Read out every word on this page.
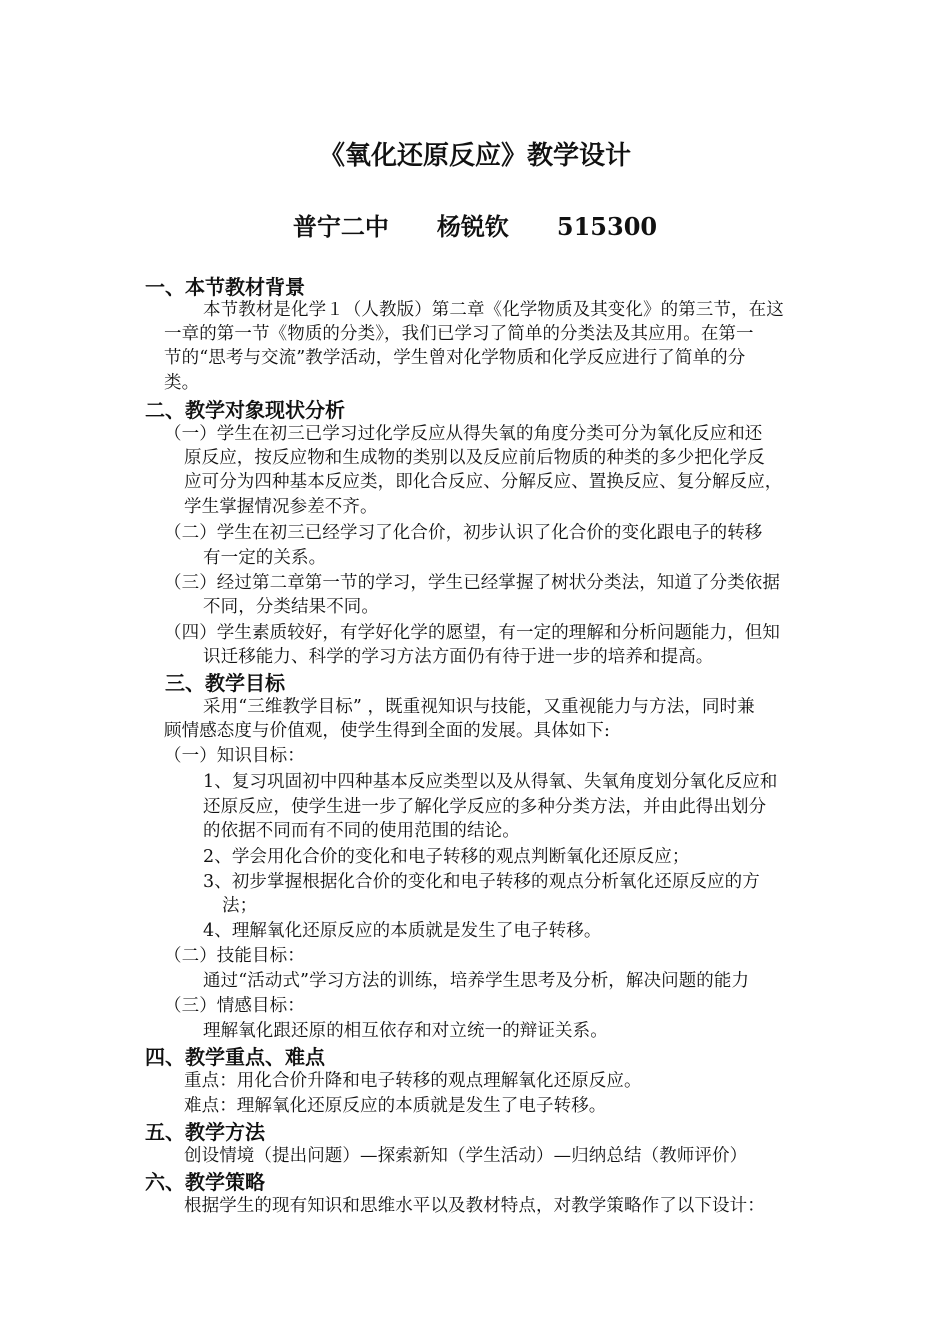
《氧化还原反应》教学设计
普宁二中 杨锐钦 515300
一、本节教材背景
本节教材是化学１（人教版）第二章《化学物质及其变化》的第三节，在这
一章的第一节《物质的分类》，我们已学习了简单的分类法及其应用。在第一
节的“思考与交流”教学活动，学生曾对化学物质和化学反应进行了简单的分
类。
二、教学对象现状分析
（一）学生在初三已学习过化学反应从得失氧的角度分类可分为氧化反应和还
原反应，按反应物和生成物的类别以及反应前后物质的种类的多少把化学反
应可分为四种基本反应类，即化合反应、分解反应、置换反应、复分解反应，
学生掌握情况参差不齐。
（二）学生在初三已经学习了化合价，初步认识了化合价的变化跟电子的转移
有一定的关系。
（三）经过第二章第一节的学习，学生已经掌握了树状分类法，知道了分类依据
不同，分类结果不同。
（四）学生素质较好，有学好化学的愿望，有一定的理解和分析问题能力，但知
识迁移能力、科学的学习方法方面仍有待于进一步的培养和提高。
三、教学目标
采用“三维教学目标” ，既重视知识与技能，又重视能力与方法，同时兼
顾情感态度与价值观，使学生得到全面的发展。具体如下:
（一）知识目标：
1、复习巩固初中四种基本反应类型以及从得氧、失氧角度划分氧化反应和
还原反应，使学生进一步了解化学反应的多种分类方法，并由此得出划分
的依据不同而有不同的使用范围的结论。
2、学会用化合价的变化和电子转移的观点判断氧化还原反应；
3、初步掌握根据化合价的变化和电子转移的观点分析氧化还原反应的方
法；
4、理解氧化还原反应的本质就是发生了电子转移。
（二）技能目标：
通过“活动式”学习方法的训练，培养学生思考及分析，解决问题的能力
（三）情感目标：
理解氧化跟还原的相互依存和对立统一的辩证关系。
四、教学重点、难点
重点：用化合价升降和电子转移的观点理解氧化还原反应。
难点：理解氧化还原反应的本质就是发生了电子转移。
五、教学方法
创设情境（提出问题）—探索新知（学生活动）—归纳总结（教师评价）
六、教学策略
根据学生的现有知识和思维水平以及教材特点，对教学策略作了以下设计：
